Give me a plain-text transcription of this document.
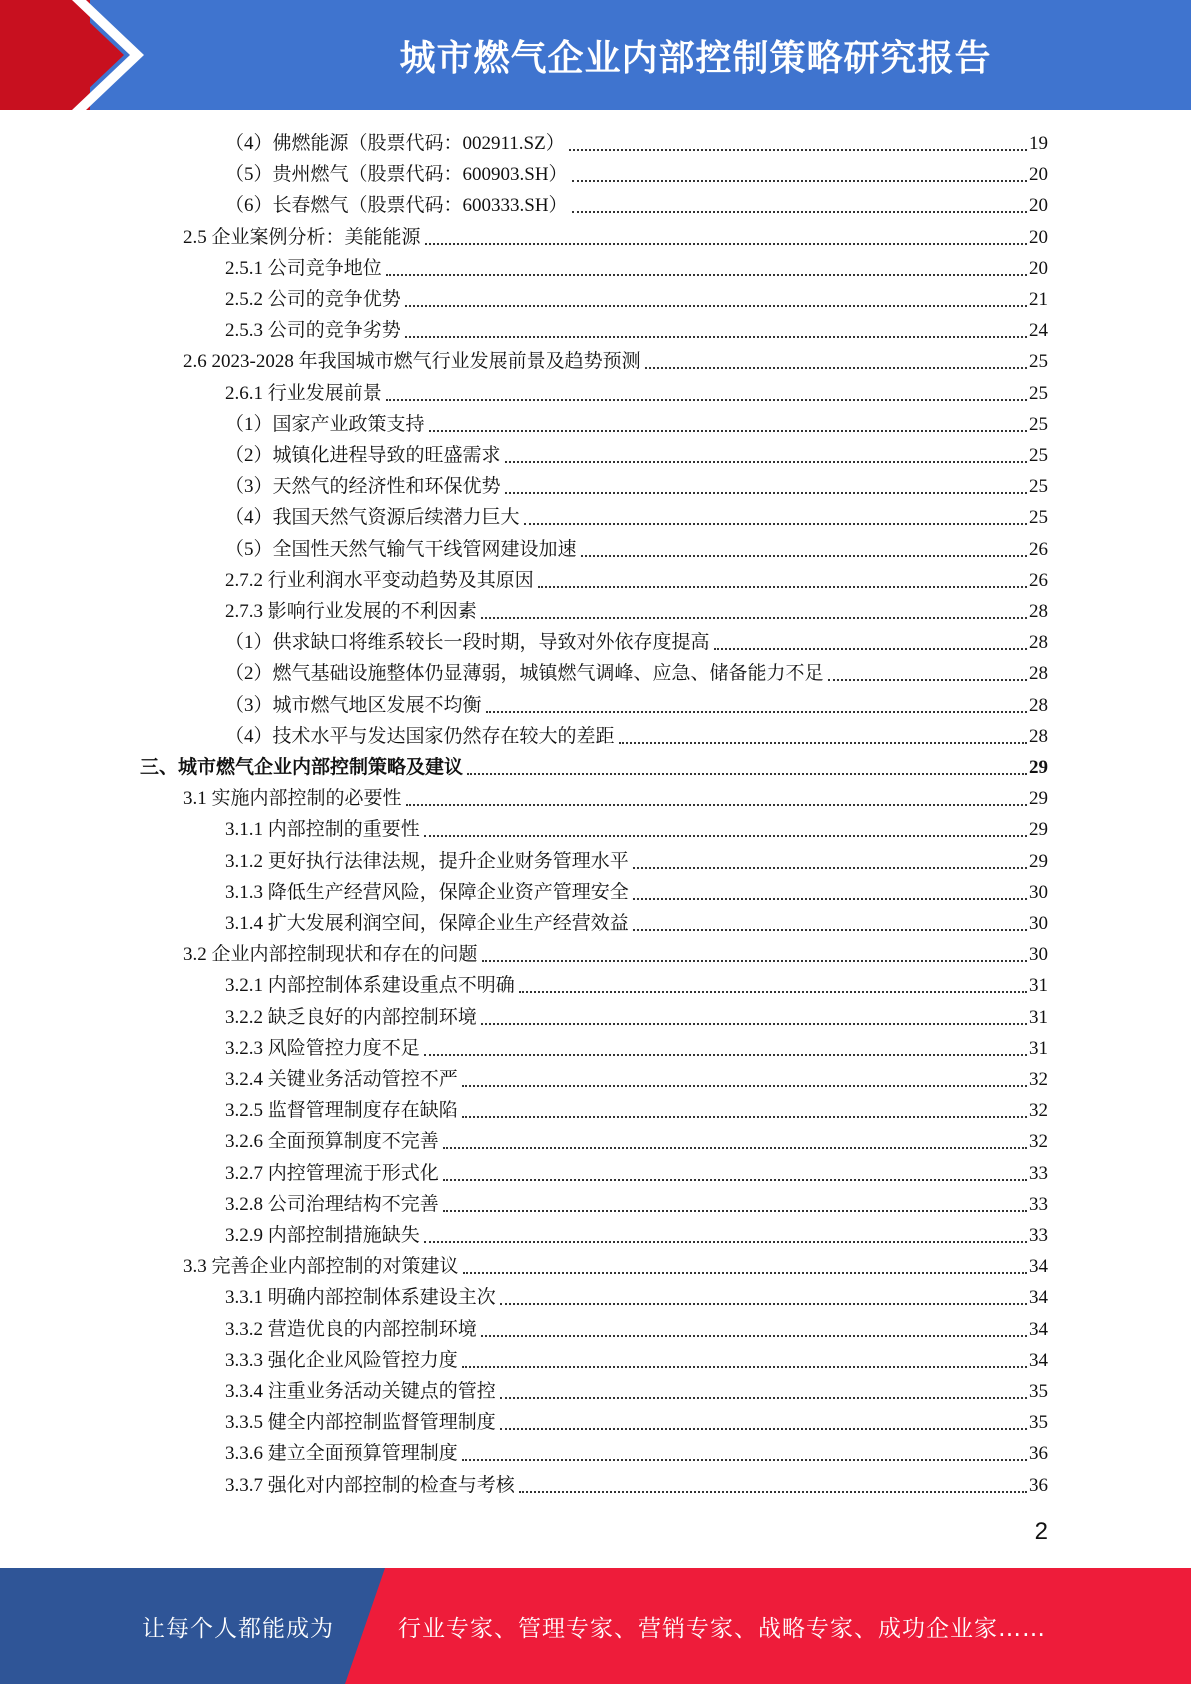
城市燃气企业内部控制策略研究报告
（4）佛燃能源（股票代码：002911.SZ）	19
（5）贵州燃气（股票代码：600903.SH）	20
（6）长春燃气（股票代码：600333.SH）	20
2.5 企业案例分析：美能能源	20
2.5.1 公司竞争地位	20
2.5.2 公司的竞争优势	21
2.5.3 公司的竞争劣势	24
2.6 2023-2028 年我国城市燃气行业发展前景及趋势预测	25
2.6.1 行业发展前景	25
（1）国家产业政策支持	25
（2）城镇化进程导致的旺盛需求	25
（3）天然气的经济性和环保优势	25
（4）我国天然气资源后续潜力巨大	25
（5）全国性天然气输气干线管网建设加速	26
2.7.2 行业利润水平变动趋势及其原因	26
2.7.3 影响行业发展的不利因素	28
（1）供求缺口将维系较长一段时期，导致对外依存度提高	28
（2）燃气基础设施整体仍显薄弱，城镇燃气调峰、应急、储备能力不足	28
（3）城市燃气地区发展不均衡	28
（4）技术水平与发达国家仍然存在较大的差距	28
三、城市燃气企业内部控制策略及建议	29
3.1 实施内部控制的必要性	29
3.1.1 内部控制的重要性	29
3.1.2 更好执行法律法规，提升企业财务管理水平	29
3.1.3 降低生产经营风险，保障企业资产管理安全	30
3.1.4 扩大发展利润空间，保障企业生产经营效益	30
3.2 企业内部控制现状和存在的问题	30
3.2.1 内部控制体系建设重点不明确	31
3.2.2 缺乏良好的内部控制环境	31
3.2.3 风险管控力度不足	31
3.2.4 关键业务活动管控不严	32
3.2.5 监督管理制度存在缺陷	32
3.2.6 全面预算制度不完善	32
3.2.7 内控管理流于形式化	33
3.2.8 公司治理结构不完善	33
3.2.9 内部控制措施缺失	33
3.3 完善企业内部控制的对策建议	34
3.3.1 明确内部控制体系建设主次	34
3.3.2 营造优良的内部控制环境	34
3.3.3 强化企业风险管控力度	34
3.3.4 注重业务活动关键点的管控	35
3.3.5 健全内部控制监督管理制度	35
3.3.6 建立全面预算管理制度	36
3.3.7 强化对内部控制的检查与考核	36
2
让每个人都能成为	行业专家、管理专家、营销专家、战略专家、成功企业家……
